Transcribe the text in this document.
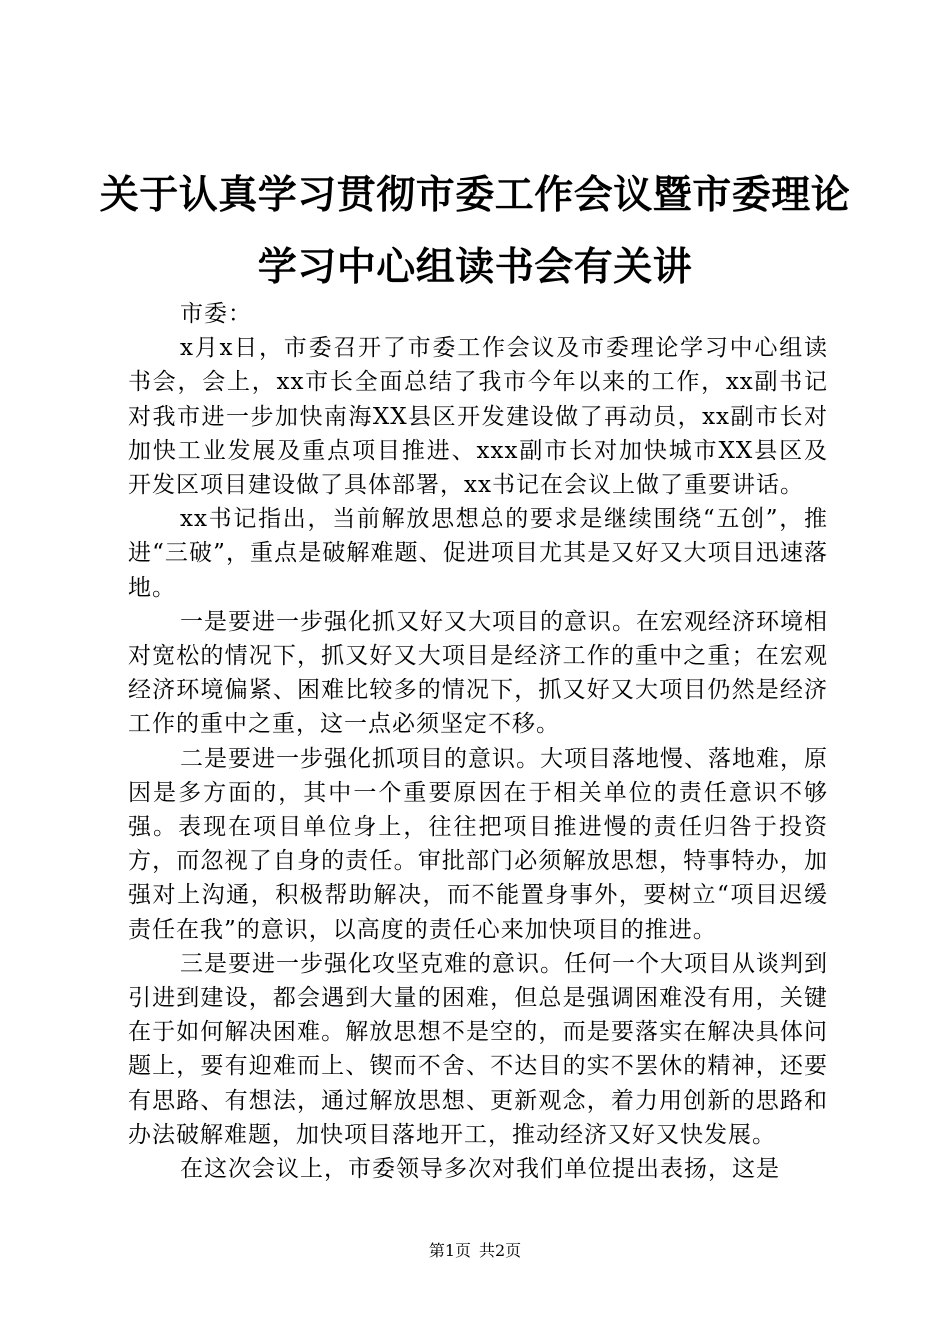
关于认真学习贯彻市委工作会议暨市委理论学习中心组读书会有关讲

市委：

x月x日，市委召开了市委工作会议及市委理论学习中心组读书会，会上，xx市长全面总结了我市今年以来的工作，xx副书记对我市进一步加快南海XX县区开发建设做了再动员，xx副市长对加快工业发展及重点项目推进、xxx副市长对加快城市XX县区及开发区项目建设做了具体部署，xx书记在会议上做了重要讲话。

xx书记指出，当前解放思想总的要求是继续围绕“五创”，推进“三破”，重点是破解难题、促进项目尤其是又好又大项目迅速落地。

一是要进一步强化抓又好又大项目的意识。在宏观经济环境相对宽松的情况下，抓又好又大项目是经济工作的重中之重；在宏观经济环境偏紧、困难比较多的情况下，抓又好又大项目仍然是经济工作的重中之重，这一点必须坚定不移。

二是要进一步强化抓项目的意识。大项目落地慢、落地难，原因是多方面的，其中一个重要原因在于相关单位的责任意识不够强。表现在项目单位身上，往往把项目推进慢的责任归咎于投资方，而忽视了自身的责任。审批部门必须解放思想，特事特办，加强对上沟通，积极帮助解决，而不能置身事外，要树立“项目迟缓责任在我”的意识，以高度的责任心来加快项目的推进。

三是要进一步强化攻坚克难的意识。任何一个大项目从谈判到引进到建设，都会遇到大量的困难，但总是强调困难没有用，关键在于如何解决困难。解放思想不是空的，而是要落实在解决具体问题上，要有迎难而上、锲而不舍、不达目的实不罢休的精神，还要有思路、有想法，通过解放思想、更新观念，着力用创新的思路和办法破解难题，加快项目落地开工，推动经济又好又快发展。

在这次会议上，市委领导多次对我们单位提出表扬，这是

第1页 共2页
